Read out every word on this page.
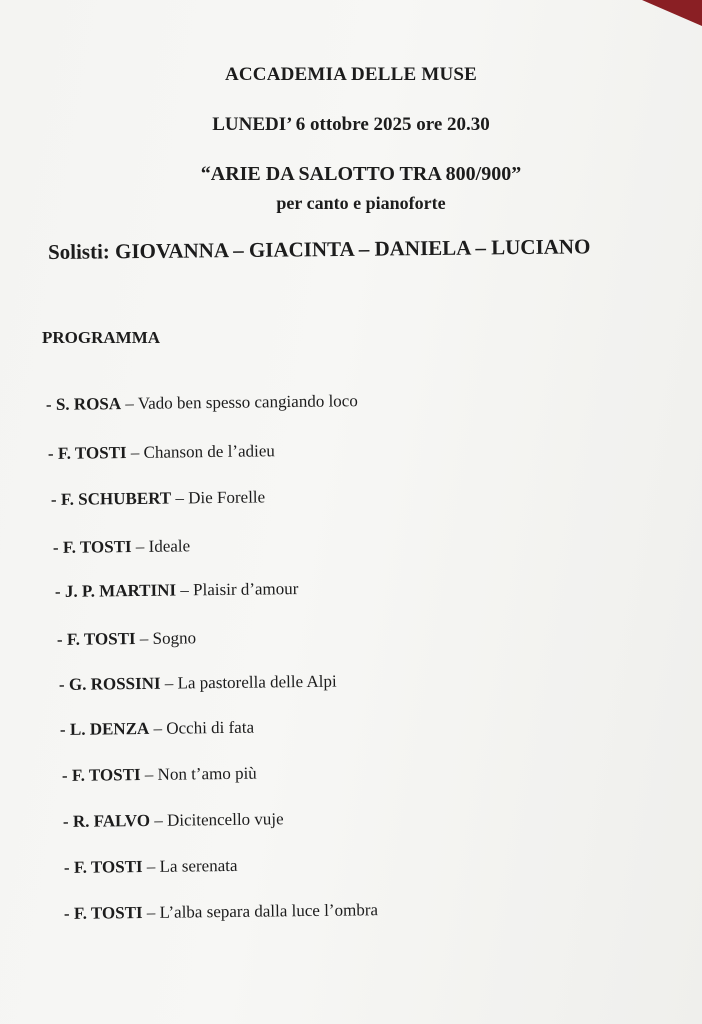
ACCADEMIA DELLE MUSE
LUNEDI’ 6 ottobre 2025 ore 20.30
“ARIE DA SALOTTO TRA 800/900”
per canto e pianoforte
Solisti: GIOVANNA – GIACINTA – DANIELA – LUCIANO
PROGRAMMA
- S. ROSA – Vado ben spesso cangiando loco
- F. TOSTI – Chanson de l’adieu
- F. SCHUBERT – Die Forelle
- F. TOSTI – Ideale
- J. P. MARTINI – Plaisir d’amour
- F. TOSTI – Sogno
- G. ROSSINI – La pastorella delle Alpi
- L. DENZA – Occhi di fata
- F. TOSTI – Non t’amo più
- R. FALVO – Dicitencello vuje
- F. TOSTI – La serenata
- F. TOSTI – L’alba separa dalla luce l’ombra
